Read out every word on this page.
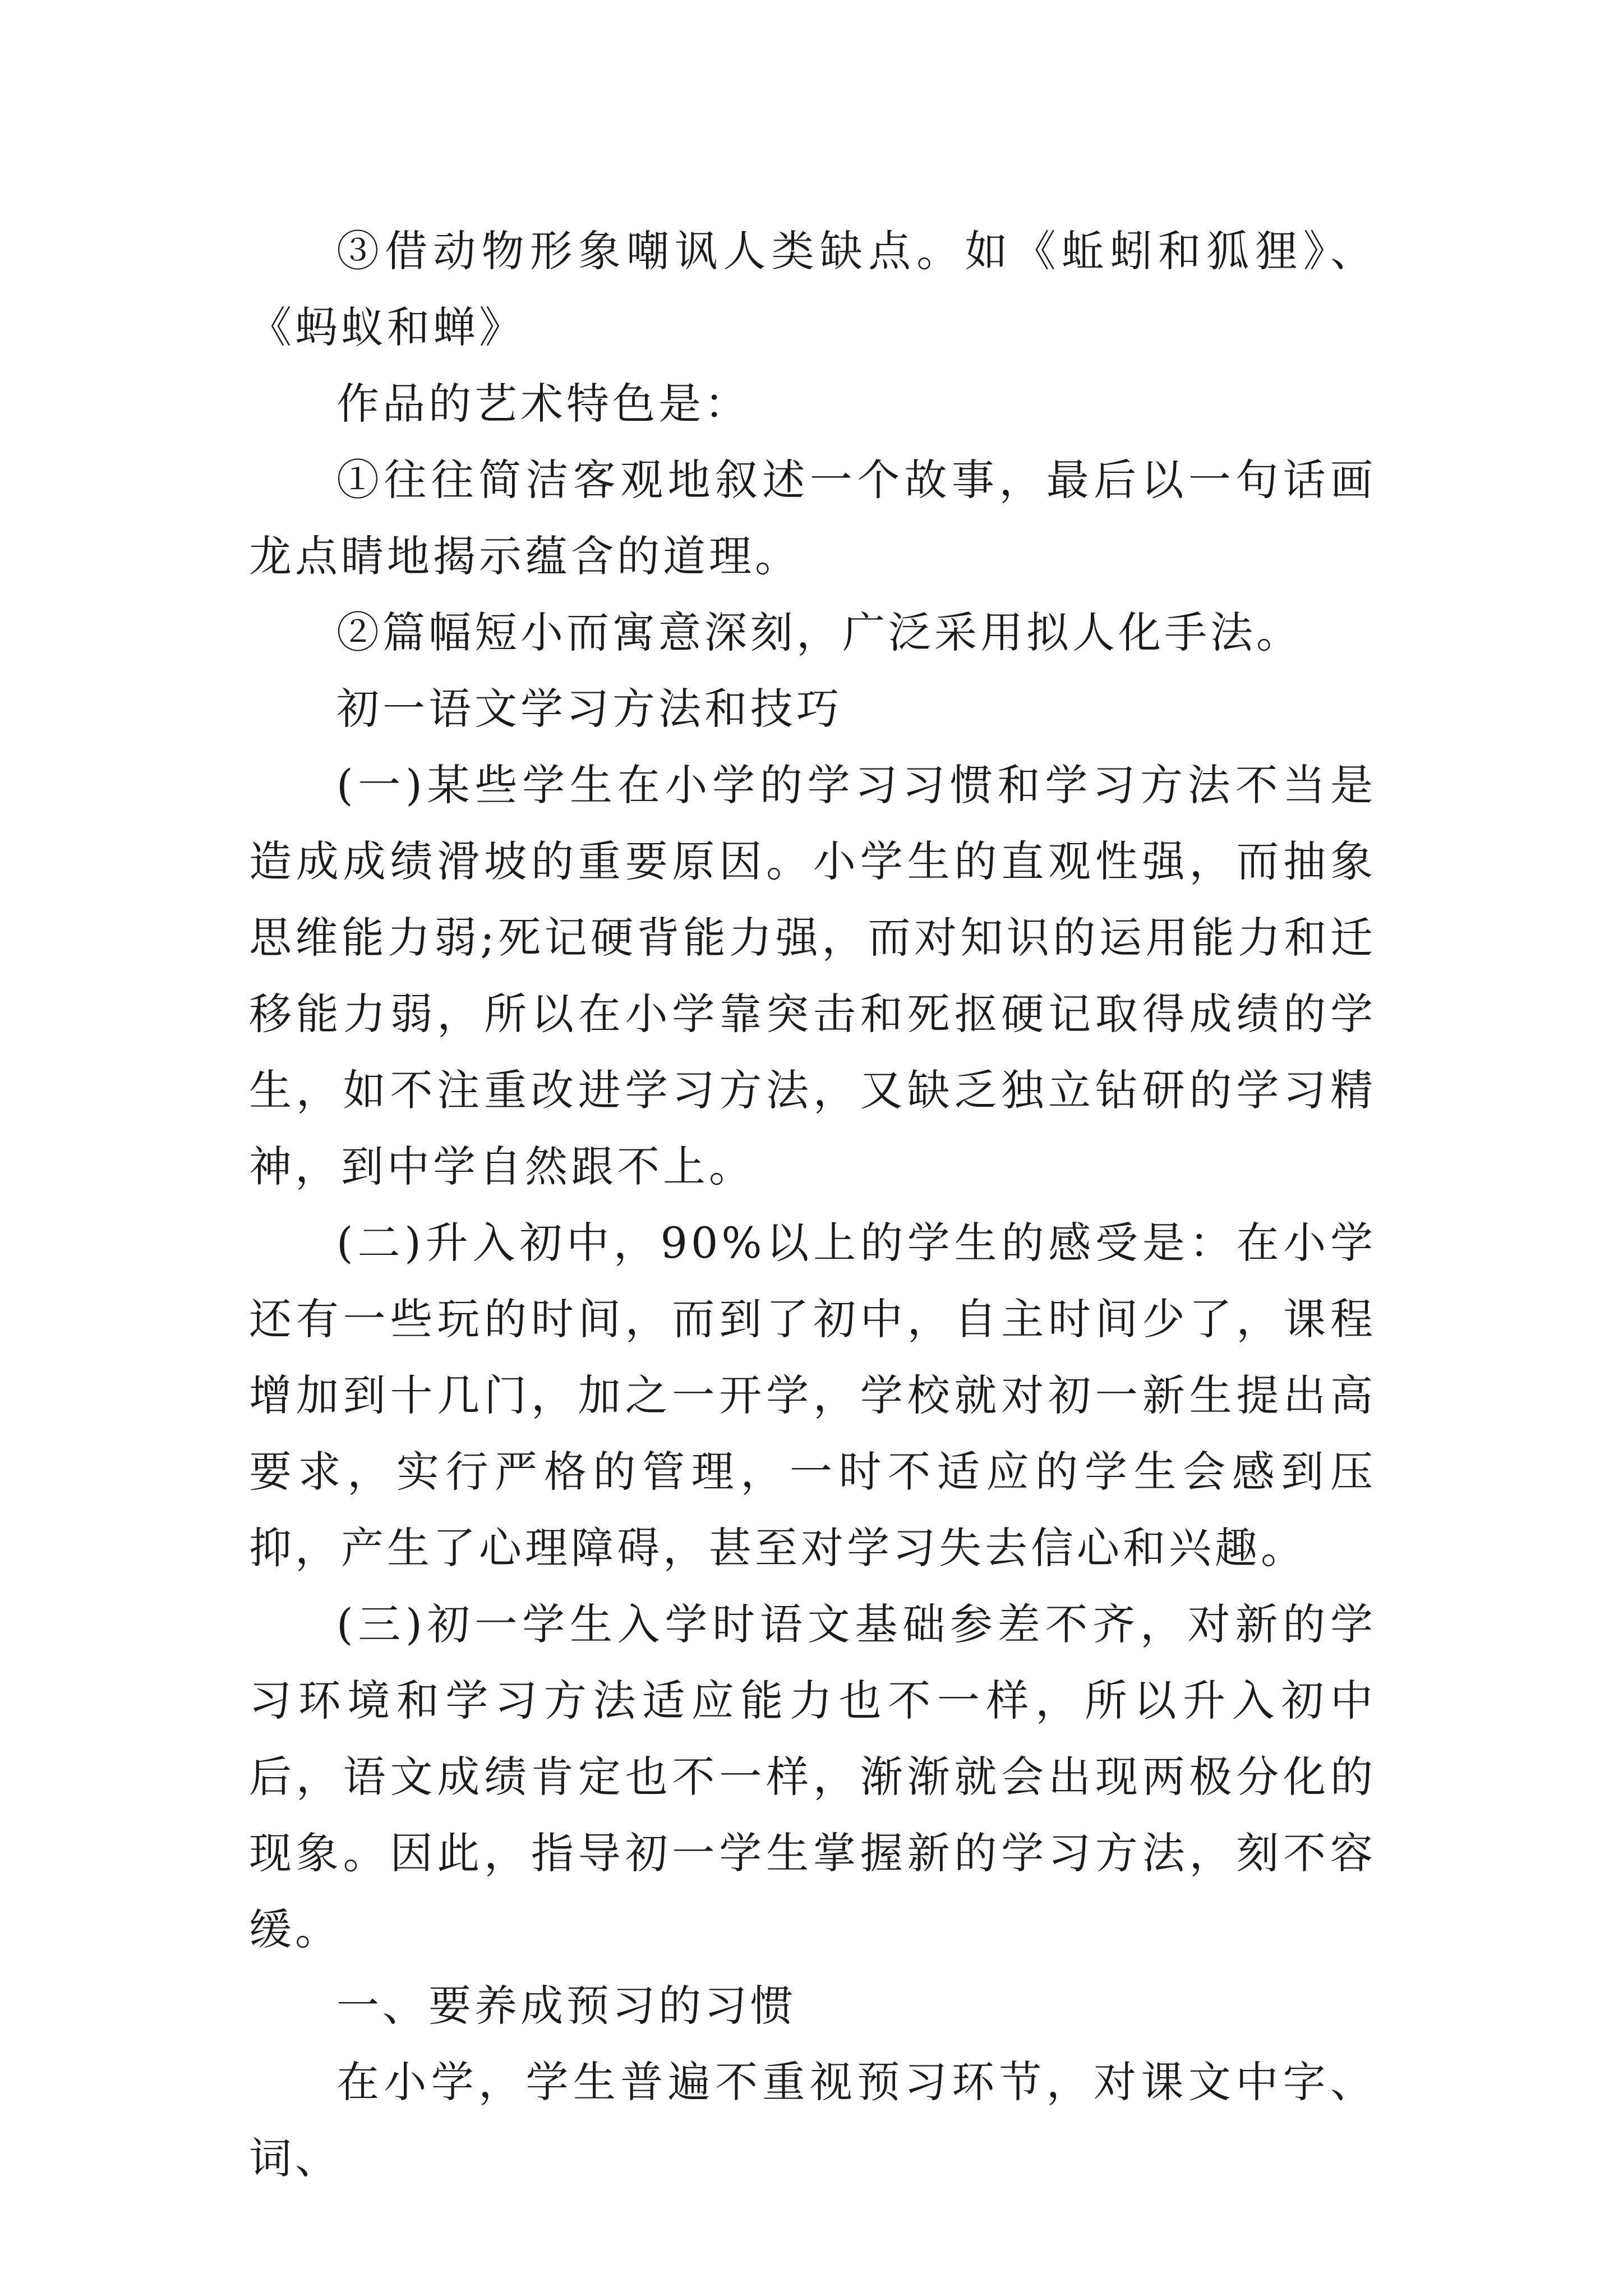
③借动物形象嘲讽人类缺点。如《蚯蚓和狐狸》、《蚂蚁和蝉》

作品的艺术特色是：

①往往简洁客观地叙述一个故事，最后以一句话画龙点睛地揭示蕴含的道理。

②篇幅短小而寓意深刻，广泛采用拟人化手法。

初一语文学习方法和技巧

(一)某些学生在小学的学习习惯和学习方法不当是造成成绩滑坡的重要原因。小学生的直观性强，而抽象思维能力弱;死记硬背能力强，而对知识的运用能力和迁移能力弱，所以在小学靠突击和死抠硬记取得成绩的学生，如不注重改进学习方法，又缺乏独立钻研的学习精神，到中学自然跟不上。

(二)升入初中，90%以上的学生的感受是：在小学还有一些玩的时间，而到了初中，自主时间少了，课程增加到十几门，加之一开学，学校就对初一新生提出高要求，实行严格的管理，一时不适应的学生会感到压抑，产生了心理障碍，甚至对学习失去信心和兴趣。

(三)初一学生入学时语文基础参差不齐，对新的学习环境和学习方法适应能力也不一样，所以升入初中后，语文成绩肯定也不一样，渐渐就会出现两极分化的现象。因此，指导初一学生掌握新的学习方法，刻不容缓。

一、要养成预习的习惯

在小学，学生普遍不重视预习环节，对课文中字、词、
